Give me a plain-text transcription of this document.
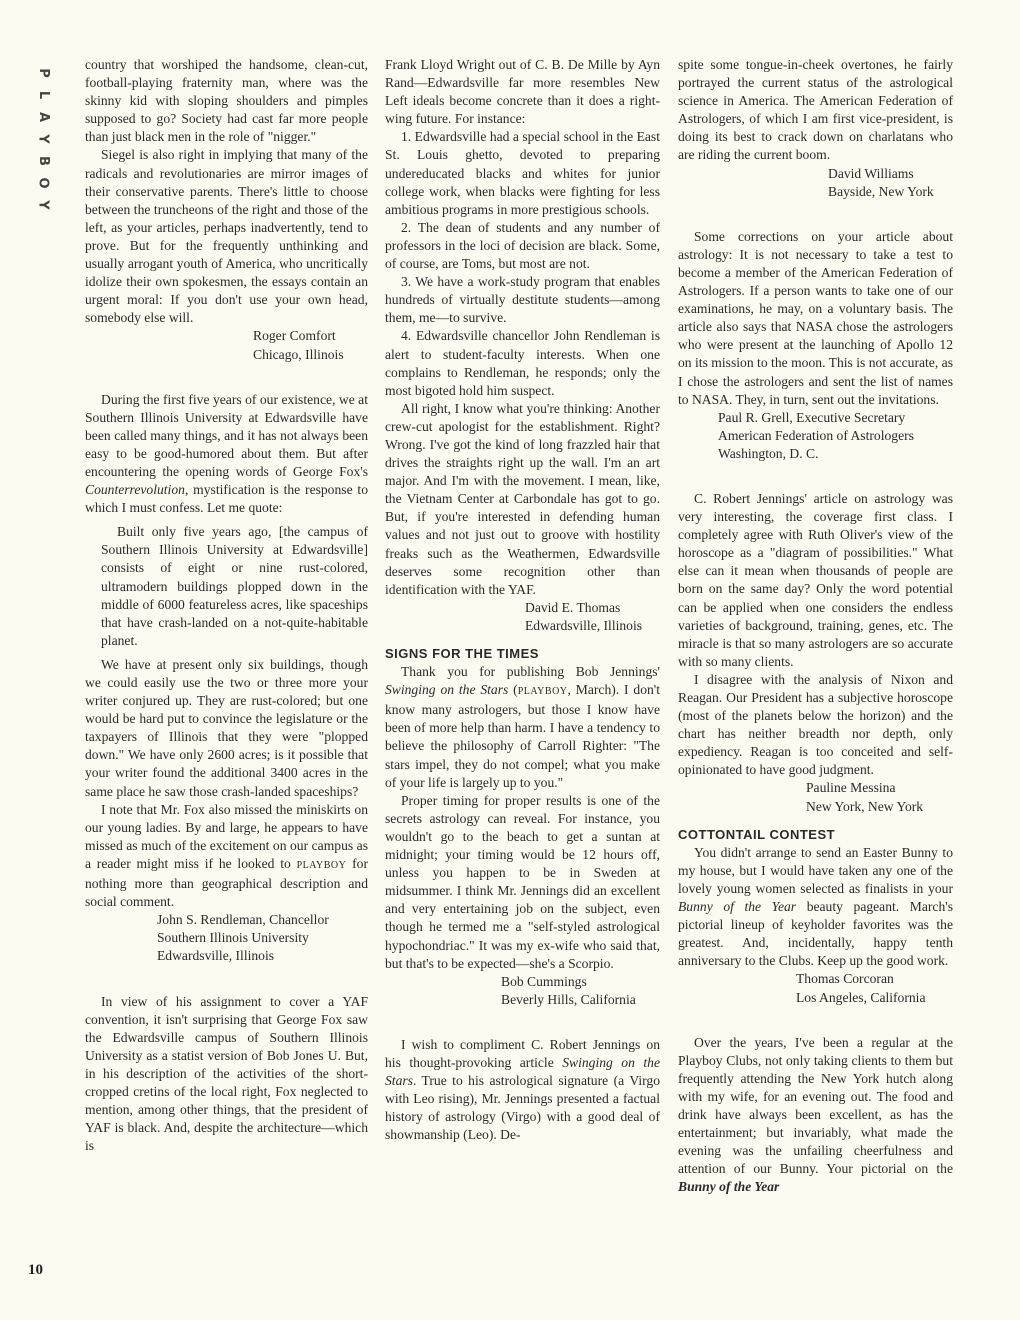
P
L
A
Y
B
O
Y
10

country that worshiped the handsome, clean-cut, football-playing fraternity man, where was the skinny kid with sloping shoulders and pimples supposed to go? Society had cast far more people than just black men in the role of "nigger."

Siegel is also right in implying that many of the radicals and revolutionaries are mirror images of their conservative parents. There's little to choose between the truncheons of the right and those of the left, as your articles, perhaps inadvertently, tend to prove. But for the frequently unthinking and usually arrogant youth of America, who uncritically idolize their own spokesmen, the essays contain an urgent moral: If you don't use your own head, somebody else will.

Roger Comfort
Chicago, Illinois

During the first five years of our existence, we at Southern Illinois University at Edwardsville have been called many things, and it has not always been easy to be good-humored about them. But after encountering the opening words of George Fox's Counterrevolution, mystification is the response to which I must confess. Let me quote:

Built only five years ago, [the campus of Southern Illinois University at Edwardsville] consists of eight or nine rust-colored, ultramodern buildings plopped down in the middle of 6000 featureless acres, like spaceships that have crash-landed on a not-quite-habitable planet.

We have at present only six buildings, though we could easily use the two or three more your writer conjured up. They are rust-colored; but one would be hard put to convince the legislature or the taxpayers of Illinois that they were "plopped down." We have only 2600 acres; is it possible that your writer found the additional 3400 acres in the same place he saw those crash-landed spaceships?

I note that Mr. Fox also missed the miniskirts on our young ladies. By and large, he appears to have missed as much of the excitement on our campus as a reader might miss if he looked to PLAYBOY for nothing more than geographical description and social comment.

John S. Rendleman, Chancellor
Southern Illinois University
Edwardsville, Illinois

In view of his assignment to cover a YAF convention, it isn't surprising that George Fox saw the Edwardsville campus of Southern Illinois University as a statist version of Bob Jones U. But, in his description of the activities of the short-cropped cretins of the local right, Fox neglected to mention, among other things, that the president of YAF is black. And, despite the architecture—which is

Frank Lloyd Wright out of C. B. De Mille by Ayn Rand—Edwardsville far more resembles New Left ideals become concrete than it does a right-wing future. For instance:

1. Edwardsville had a special school in the East St. Louis ghetto, devoted to preparing undereducated blacks and whites for junior college work, when blacks were fighting for less ambitious programs in more prestigious schools.

2. The dean of students and any number of professors in the loci of decision are black. Some, of course, are Toms, but most are not.

3. We have a work-study program that enables hundreds of virtually destitute students—among them, me—to survive.

4. Edwardsville chancellor John Rendleman is alert to student-faculty interests. When one complains to Rendleman, he responds; only the most bigoted hold him suspect.

All right, I know what you're thinking: Another crew-cut apologist for the establishment. Right? Wrong. I've got the kind of long frazzled hair that drives the straights right up the wall. I'm an art major. And I'm with the movement. I mean, like, the Vietnam Center at Carbondale has got to go. But, if you're interested in defending human values and not just out to groove with hostility freaks such as the Weathermen, Edwardsville deserves some recognition other than identification with the YAF.

David E. Thomas
Edwardsville, Illinois
SIGNS FOR THE TIMES

Thank you for publishing Bob Jennings' Swinging on the Stars (PLAYBOY, March). I don't know many astrologers, but those I know have been of more help than harm. I have a tendency to believe the philosophy of Carroll Righter: "The stars impel, they do not compel; what you make of your life is largely up to you."

Proper timing for proper results is one of the secrets astrology can reveal. For instance, you wouldn't go to the beach to get a suntan at midnight; your timing would be 12 hours off, unless you happen to be in Sweden at midsummer. I think Mr. Jennings did an excellent and very entertaining job on the subject, even though he termed me a "self-styled astrological hypochondriac." It was my ex-wife who said that, but that's to be expected—she's a Scorpio.

Bob Cummings
Beverly Hills, California

I wish to compliment C. Robert Jennings on his thought-provoking article Swinging on the Stars. True to his astrological signature (a Virgo with Leo rising), Mr. Jennings presented a factual history of astrology (Virgo) with a good deal of showmanship (Leo). De-

spite some tongue-in-cheek overtones, he fairly portrayed the current status of the astrological science in America. The American Federation of Astrologers, of which I am first vice-president, is doing its best to crack down on charlatans who are riding the current boom.

David Williams
Bayside, New York

Some corrections on your article about astrology: It is not necessary to take a test to become a member of the American Federation of Astrologers. If a person wants to take one of our examinations, he may, on a voluntary basis. The article also says that NASA chose the astrologers who were present at the launching of Apollo 12 on its mission to the moon. This is not accurate, as I chose the astrologers and sent the list of names to NASA. They, in turn, sent out the invitations.

Paul R. Grell, Executive Secretary
American Federation of Astrologers
Washington, D. C.

C. Robert Jennings' article on astrology was very interesting, the coverage first class. I completely agree with Ruth Oliver's view of the horoscope as a "diagram of possibilities." What else can it mean when thousands of people are born on the same day? Only the word potential can be applied when one considers the endless varieties of background, training, genes, etc. The miracle is that so many astrologers are so accurate with so many clients.

I disagree with the analysis of Nixon and Reagan. Our President has a subjective horoscope (most of the planets below the horizon) and the chart has neither breadth nor depth, only expediency. Reagan is too conceited and self-opinionated to have good judgment.

Pauline Messina
New York, New York
COTTONTAIL CONTEST

You didn't arrange to send an Easter Bunny to my house, but I would have taken any one of the lovely young women selected as finalists in your Bunny of the Year beauty pageant. March's pictorial lineup of keyholder favorites was the greatest. And, incidentally, happy tenth anniversary to the Clubs. Keep up the good work.

Thomas Corcoran
Los Angeles, California

Over the years, I've been a regular at the Playboy Clubs, not only taking clients to them but frequently attending the New York hutch along with my wife, for an evening out. The food and drink have always been excellent, as has the entertainment; but invariably, what made the evening was the unfailing cheerfulness and attention of our Bunny. Your pictorial on the Bunny of the Year
